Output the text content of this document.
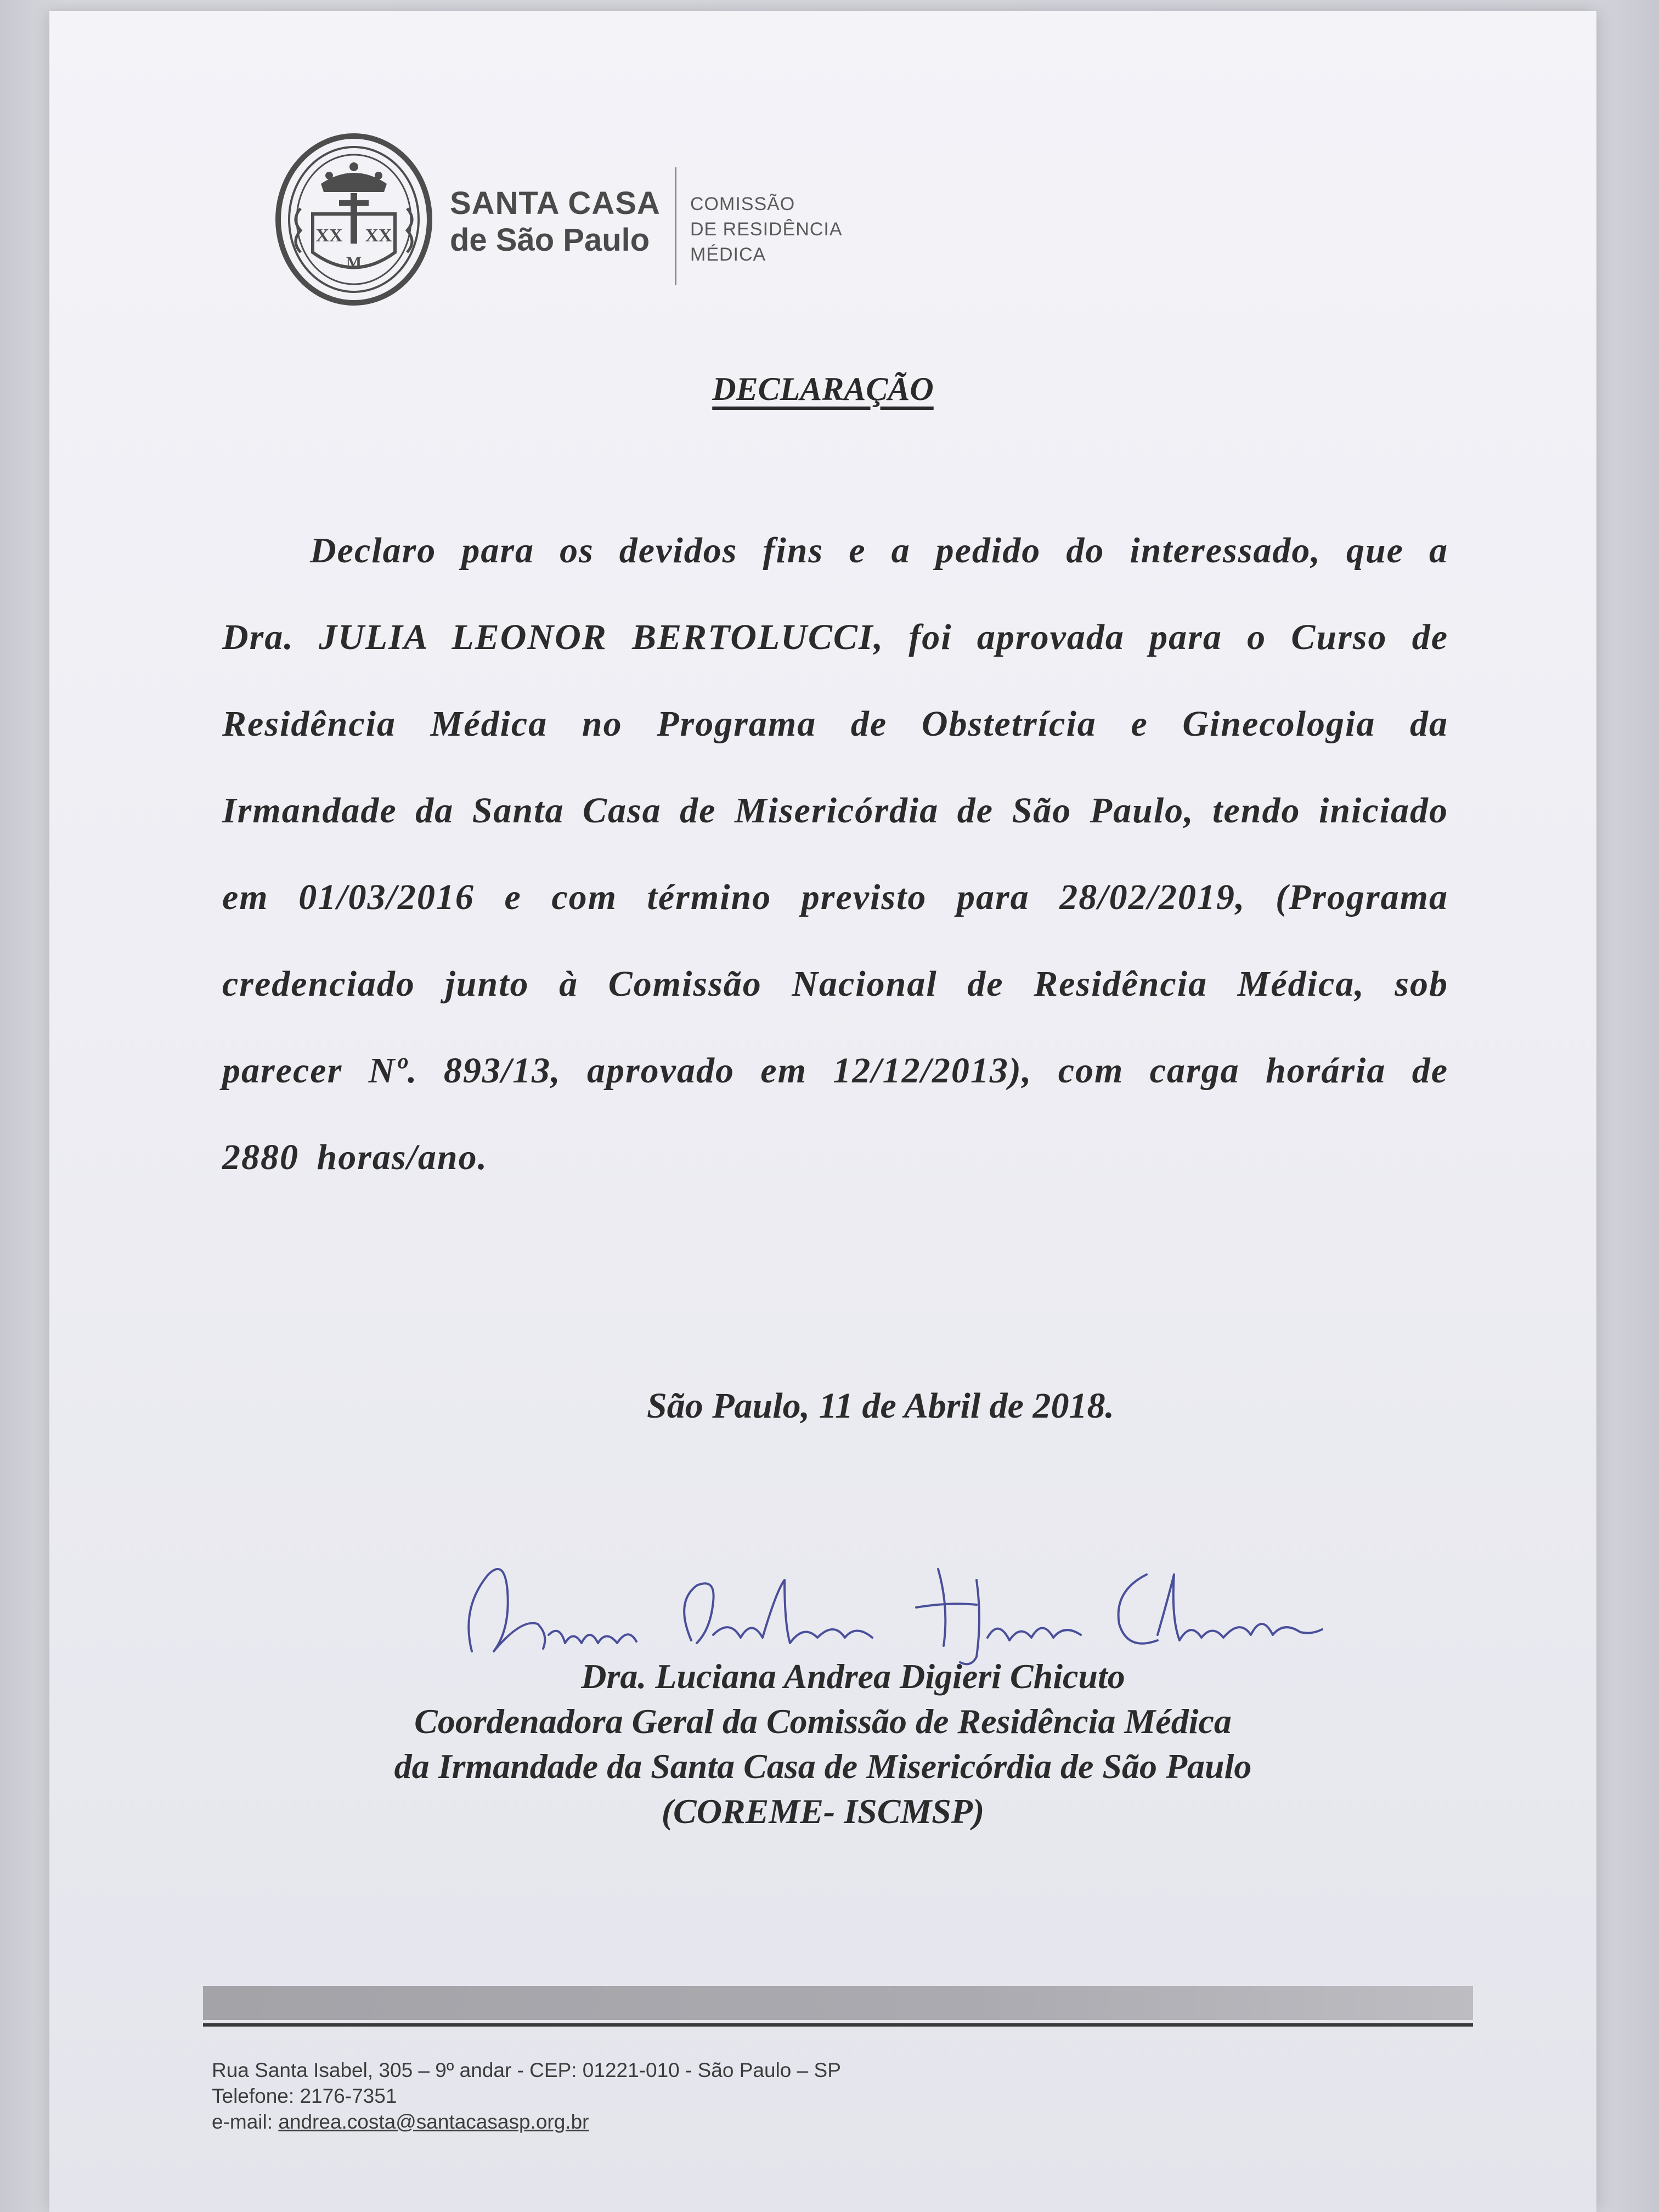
XX XX
M
SANTA CASA
de São Paulo
COMISSÃO
DE RESIDÊNCIA
MÉDICA
DECLARAÇÃO

Declaro para os devidos fins e a pedido do interessado, que a Dra. JULIA LEONOR BERTOLUCCI, foi aprovada para o Curso de Residência Médica no Programa de Obstetrícia e Ginecologia da Irmandade da Santa Casa de Misericórdia de São Paulo, tendo iniciado em 01/03/2016 e com término previsto para 28/02/2019, (Programa credenciado junto à Comissão Nacional de Residência Médica, sob parecer Nº. 893/13, aprovado em 12/12/2013), com carga horária de 2880 horas/ano.

São Paulo, 11 de Abril de 2018.
Dra. Luciana Andrea Digieri Chicuto
Coordenadora Geral da Comissão de Residência Médica
da Irmandade da Santa Casa de Misericórdia de São Paulo
(COREME- ISCMSP)
Rua Santa Isabel, 305 – 9º andar - CEP: 01221-010 - São Paulo – SP
Telefone: 2176-7351
e-mail: andrea.costa@santacasasp.org.br
